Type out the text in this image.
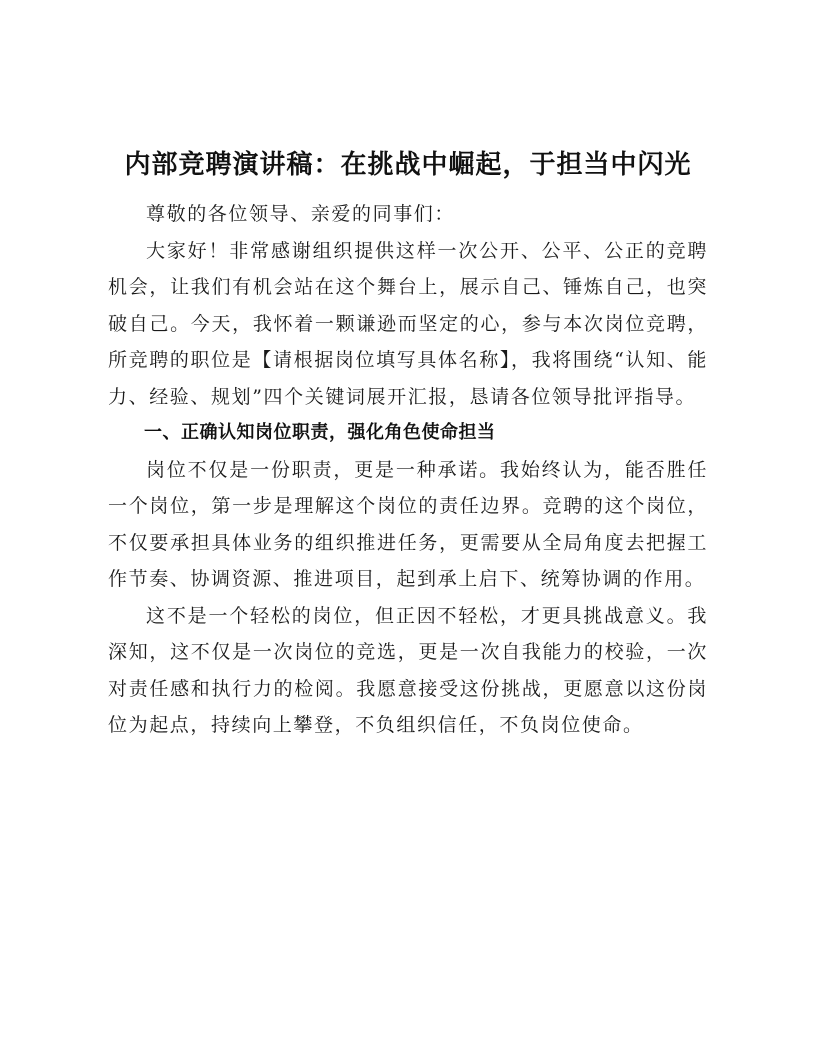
内部竞聘演讲稿：在挑战中崛起，于担当中闪光

尊敬的各位领导、亲爱的同事们：

大家好！非常感谢组织提供这样一次公开、公平、公正的竞聘机会，让我们有机会站在这个舞台上，展示自己、锤炼自己，也突破自己。今天，我怀着一颗谦逊而坚定的心，参与本次岗位竞聘，所竞聘的职位是【请根据岗位填写具体名称】，我将围绕“认知、能力、经验、规划”四个关键词展开汇报，恳请各位领导批评指导。

一、正确认知岗位职责，强化角色使命担当

岗位不仅是一份职责，更是一种承诺。我始终认为，能否胜任一个岗位，第一步是理解这个岗位的责任边界。竞聘的这个岗位，不仅要承担具体业务的组织推进任务，更需要从全局角度去把握工作节奏、协调资源、推进项目，起到承上启下、统筹协调的作用。

这不是一个轻松的岗位，但正因不轻松，才更具挑战意义。我深知，这不仅是一次岗位的竞选，更是一次自我能力的校验，一次对责任感和执行力的检阅。我愿意接受这份挑战，更愿意以这份岗位为起点，持续向上攀登，不负组织信任，不负岗位使命。
